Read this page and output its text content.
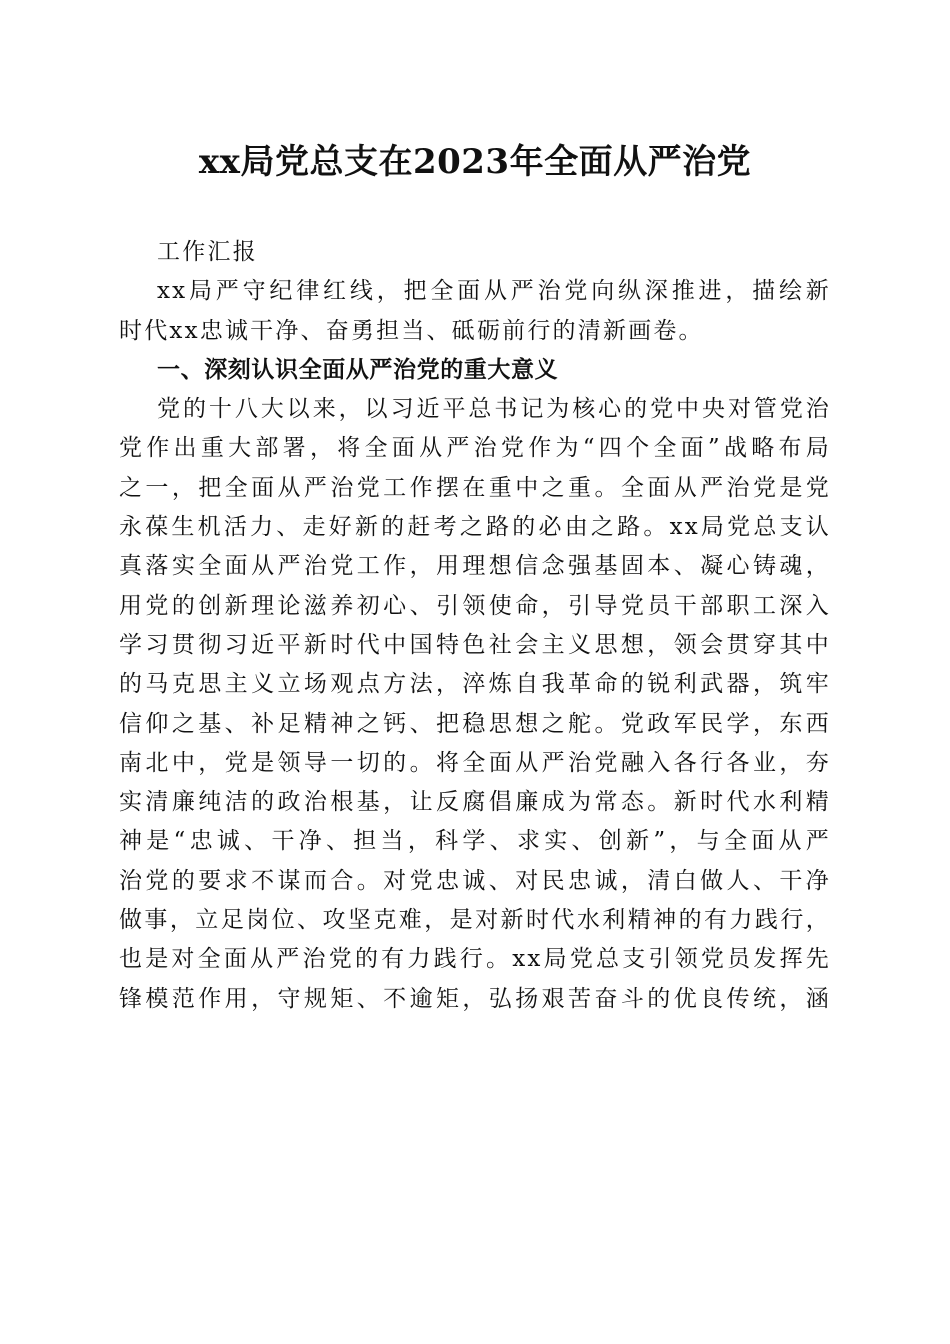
xx局党总支在2023年全面从严治党
工作汇报
xx局严守纪律红线，把全面从严治党向纵深推进，描绘新
时代xx忠诚干净、奋勇担当、砥砺前行的清新画卷。
一、深刻认识全面从严治党的重大意义
党的十八大以来，以习近平总书记为核心的党中央对管党治
党作出重大部署，将全面从严治党作为“四个全面”战略布局
之一，把全面从严治党工作摆在重中之重。全面从严治党是党
永葆生机活力、走好新的赶考之路的必由之路。xx局党总支认
真落实全面从严治党工作，用理想信念强基固本、凝心铸魂，
用党的创新理论滋养初心、引领使命，引导党员干部职工深入
学习贯彻习近平新时代中国特色社会主义思想，领会贯穿其中
的马克思主义立场观点方法，淬炼自我革命的锐利武器，筑牢
信仰之基、补足精神之钙、把稳思想之舵。党政军民学，东西
南北中，党是领导一切的。将全面从严治党融入各行各业，夯
实清廉纯洁的政治根基，让反腐倡廉成为常态。新时代水利精
神是“忠诚、干净、担当，科学、求实、创新”，与全面从严
治党的要求不谋而合。对党忠诚、对民忠诚，清白做人、干净
做事，立足岗位、攻坚克难，是对新时代水利精神的有力践行，
也是对全面从严治党的有力践行。xx局党总支引领党员发挥先
锋模范作用，守规矩、不逾矩，弘扬艰苦奋斗的优良传统，涵
